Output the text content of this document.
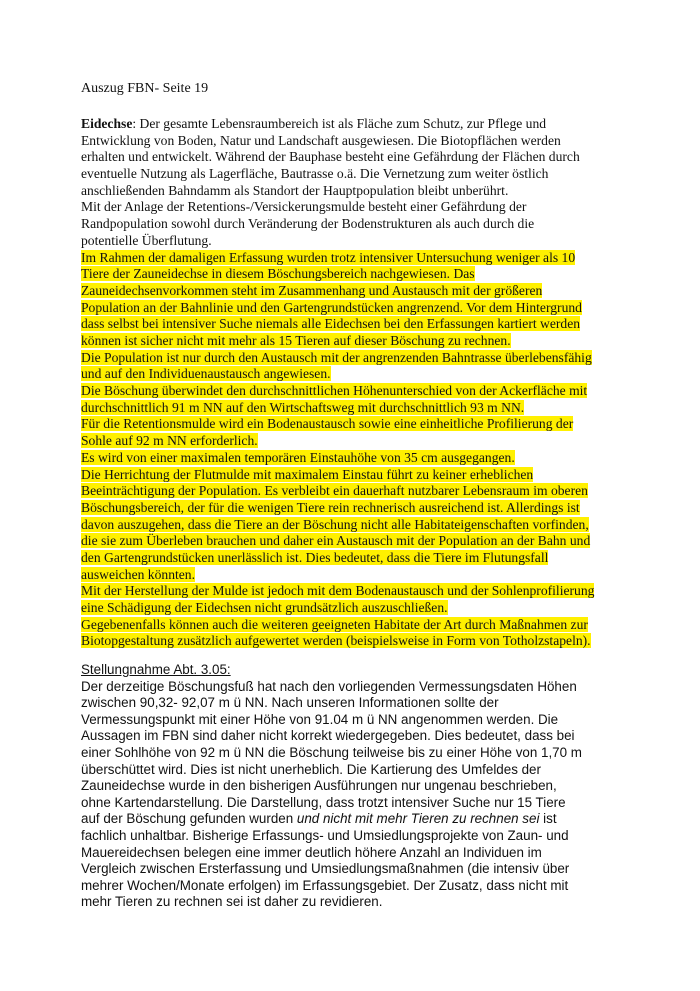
Auszug FBN- Seite 19
Eidechse: Der gesamte Lebensraumbereich ist als Fläche zum Schutz, zur Pflege und
Entwicklung von Boden, Natur und Landschaft ausgewiesen. Die Biotopflächen werden
erhalten und entwickelt. Während der Bauphase besteht eine Gefährdung der Flächen durch
eventuelle Nutzung als Lagerfläche, Bautrasse o.ä. Die Vernetzung zum weiter östlich
anschließenden Bahndamm als Standort der Hauptpopulation bleibt unberührt.
Mit der Anlage der Retentions-/Versickerungsmulde besteht einer Gefährdung der
Randpopulation sowohl durch Veränderung der Bodenstrukturen als auch durch die
potentielle Überflutung.
Im Rahmen der damaligen Erfassung wurden trotz intensiver Untersuchung weniger als 10
Tiere der Zauneidechse in diesem Böschungsbereich nachgewiesen. Das
Zauneidechsenvorkommen steht im Zusammenhang und Austausch mit der größeren
Population an der Bahnlinie und den Gartengrundstücken angrenzend. Vor dem Hintergrund
dass selbst bei intensiver Suche niemals alle Eidechsen bei den Erfassungen kartiert werden
können ist sicher nicht mit mehr als 15 Tieren auf dieser Böschung zu rechnen.
Die Population ist nur durch den Austausch mit der angrenzenden Bahntrasse überlebensfähig
und auf den Individuenaustausch angewiesen.
Die Böschung überwindet den durchschnittlichen Höhenunterschied von der Ackerfläche mit
durchschnittlich 91 m NN auf den Wirtschaftsweg mit durchschnittlich 93 m NN.
Für die Retentionsmulde wird ein Bodenaustausch sowie eine einheitliche Profilierung der
Sohle auf 92 m NN erforderlich.
Es wird von einer maximalen temporären Einstauhöhe von 35 cm ausgegangen.
Die Herrichtung der Flutmulde mit maximalem Einstau führt zu keiner erheblichen
Beeinträchtigung der Population. Es verbleibt ein dauerhaft nutzbarer Lebensraum im oberen
Böschungsbereich, der für die wenigen Tiere rein rechnerisch ausreichend ist. Allerdings ist
davon auszugehen, dass die Tiere an der Böschung nicht alle Habitateigenschaften vorfinden,
die sie zum Überleben brauchen und daher ein Austausch mit der Population an der Bahn und
den Gartengrundstücken unerlässlich ist. Dies bedeutet, dass die Tiere im Flutungsfall
ausweichen könnten.
Mit der Herstellung der Mulde ist jedoch mit dem Bodenaustausch und der Sohlenprofilierung
eine Schädigung der Eidechsen nicht grundsätzlich auszuschließen.
Gegebenenfalls können auch die weiteren geeigneten Habitate der Art durch Maßnahmen zur
Biotopgestaltung zusätzlich aufgewertet werden (beispielsweise in Form von Totholzstapeln).
Stellungnahme Abt. 3.05:
Der derzeitige Böschungsfuß hat nach den vorliegenden Vermessungsdaten Höhen
zwischen 90,32- 92,07 m ü NN. Nach unseren Informationen sollte der
Vermessungspunkt mit einer Höhe von 91.04 m ü NN angenommen werden. Die
Aussagen im FBN sind daher nicht korrekt wiedergegeben. Dies bedeutet, dass bei
einer Sohlhöhe von 92 m ü NN die Böschung teilweise bis zu einer Höhe von 1,70 m
überschüttet wird. Dies ist nicht unerheblich. Die Kartierung des Umfeldes der
Zauneidechse wurde in den bisherigen Ausführungen nur ungenau beschrieben,
ohne Kartendarstellung. Die Darstellung, dass trotzt intensiver Suche nur 15 Tiere
auf der Böschung gefunden wurden und nicht mit mehr Tieren zu rechnen sei ist
fachlich unhaltbar. Bisherige Erfassungs- und Umsiedlungsprojekte von Zaun- und
Mauereidechsen belegen eine immer deutlich höhere Anzahl an Individuen im
Vergleich zwischen Ersterfassung und Umsiedlungsmaßnahmen (die intensiv über
mehrer Wochen/Monate erfolgen) im Erfassungsgebiet. Der Zusatz, dass nicht mit
mehr Tieren zu rechnen sei ist daher zu revidieren.
